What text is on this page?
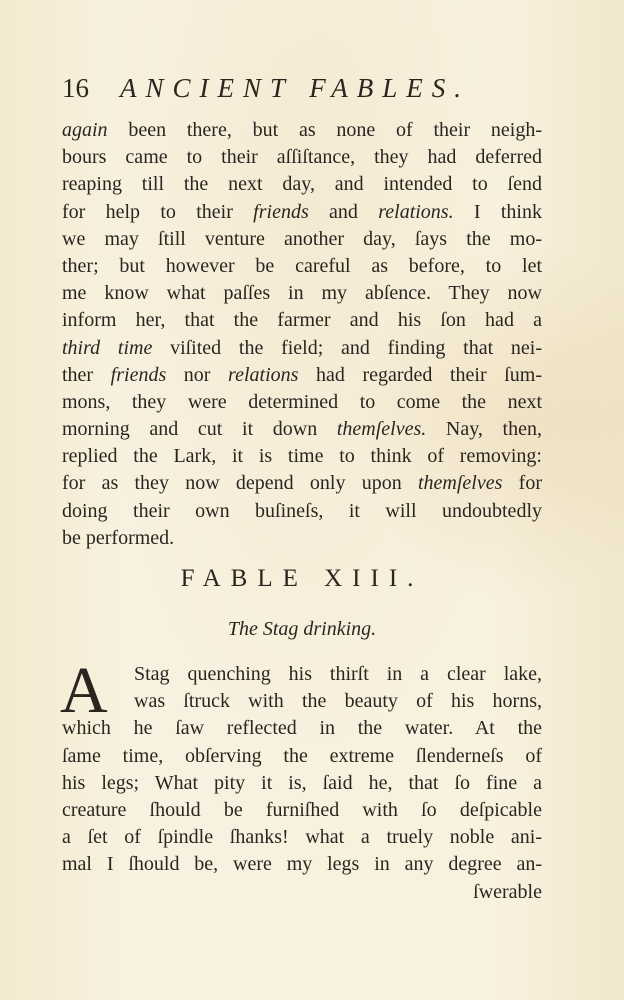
16 ANCIENT FABLES.
again been there, but as none of their neigh-
bours came to their aſſiſtance, they had deferred
reaping till the next day, and intended to ſend
for help to their friends and relations. I think
we may ſtill venture another day, ſays the mo-
ther; but however be careful as before, to let
me know what paſſes in my abſence. They now
inform her, that the farmer and his ſon had a
third time viſited the field; and finding that nei-
ther friends nor relations had regarded their ſum-
mons, they were determined to come the next
morning and cut it down themſelves. Nay, then,
replied the Lark, it is time to think of removing:
for as they now depend only upon themſelves for
doing their own buſineſs, it will undoubtedly
be performed.
FABLE XIII.
The Stag drinking.
A	Stag quenching his thirſt in a clear lake,
was ſtruck with the beauty of his horns,
which he ſaw reflected in the water. At the
ſame time, obſerving the extreme ſlenderneſs of
his legs; What pity it is, ſaid he, that ſo fine a
creature ſhould be furniſhed with ſo deſpicable
a ſet of ſpindle ſhanks! what a truely noble ani-
mal I ſhould be, were my legs in any degree an-
ſwerable
